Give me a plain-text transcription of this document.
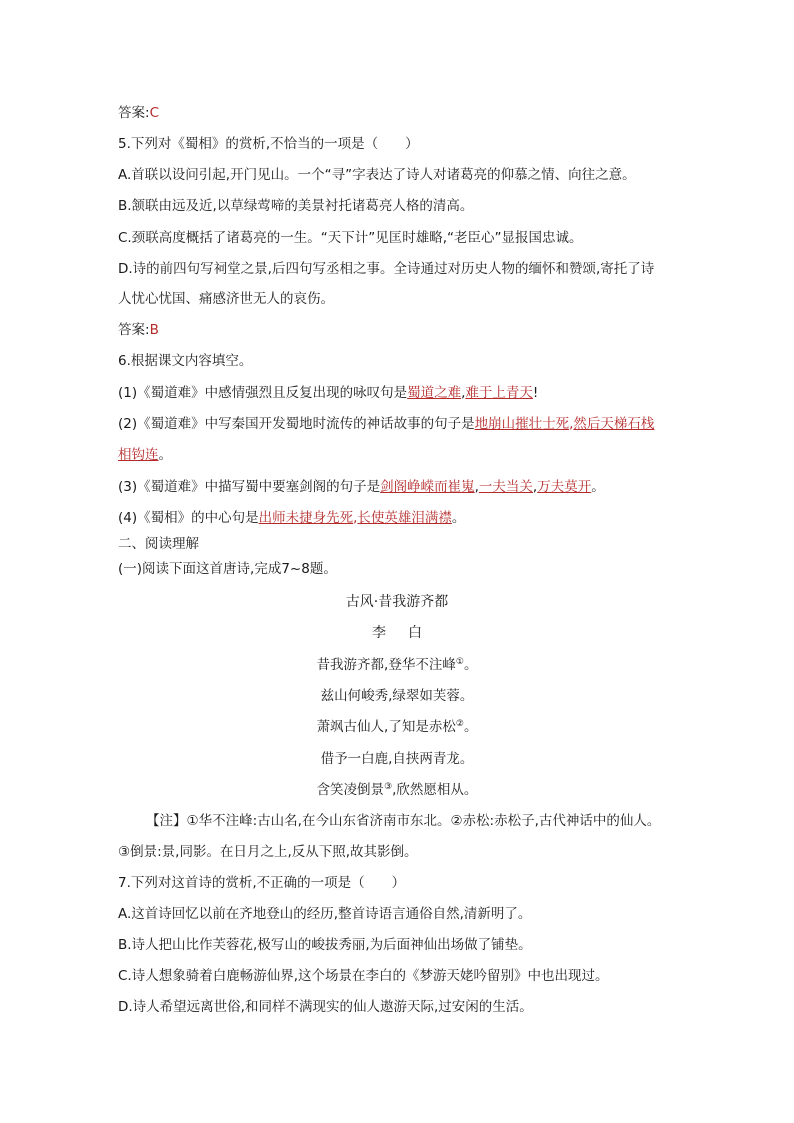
答案:C
5.下列对《蜀相》的赏析,不恰当的一项是（　　）
A.首联以设问引起,开门见山。一个“寻”字表达了诗人对诸葛亮的仰慕之情、向往之意。
B.颔联由远及近,以草绿莺啼的美景衬托诸葛亮人格的清高。
C.颈联高度概括了诸葛亮的一生。“天下计”见匡时雄略,“老臣心”显报国忠诚。
D.诗的前四句写祠堂之景,后四句写丞相之事。全诗通过对历史人物的缅怀和赞颂,寄托了诗
人忧心忧国、痛感济世无人的哀伤。
答案:B
6.根据课文内容填空。
(1)《蜀道难》中感情强烈且反复出现的咏叹句是蜀道之难,难于上青天!
(2)《蜀道难》中写秦国开发蜀地时流传的神话故事的句子是地崩山摧壮士死,然后天梯石栈
相钩连。
(3)《蜀道难》中描写蜀中要塞剑阁的句子是剑阁峥嵘而崔嵬,一夫当关,万夫莫开。
(4)《蜀相》的中心句是出师未捷身先死,长使英雄泪满襟。
二、阅读理解
(一)阅读下面这首唐诗,完成7~8题。
古风·昔我游齐都
李 白
昔我游齐都,登华不注峰①。
兹山何峻秀,绿翠如芙蓉。
萧飒古仙人,了知是赤松②。
借予一白鹿,自挟两青龙。
含笑凌倒景③,欣然愿相从。
【注】①华不注峰:古山名,在今山东省济南市东北。②赤松:赤松子,古代神话中的仙人。
③倒景:景,同影。在日月之上,反从下照,故其影倒。
7.下列对这首诗的赏析,不正确的一项是（　　）
A.这首诗回忆以前在齐地登山的经历,整首诗语言通俗自然,清新明了。
B.诗人把山比作芙蓉花,极写山的峻拔秀丽,为后面神仙出场做了铺垫。
C.诗人想象骑着白鹿畅游仙界,这个场景在李白的《梦游天姥吟留别》中也出现过。
D.诗人希望远离世俗,和同样不满现实的仙人遨游天际,过安闲的生活。
